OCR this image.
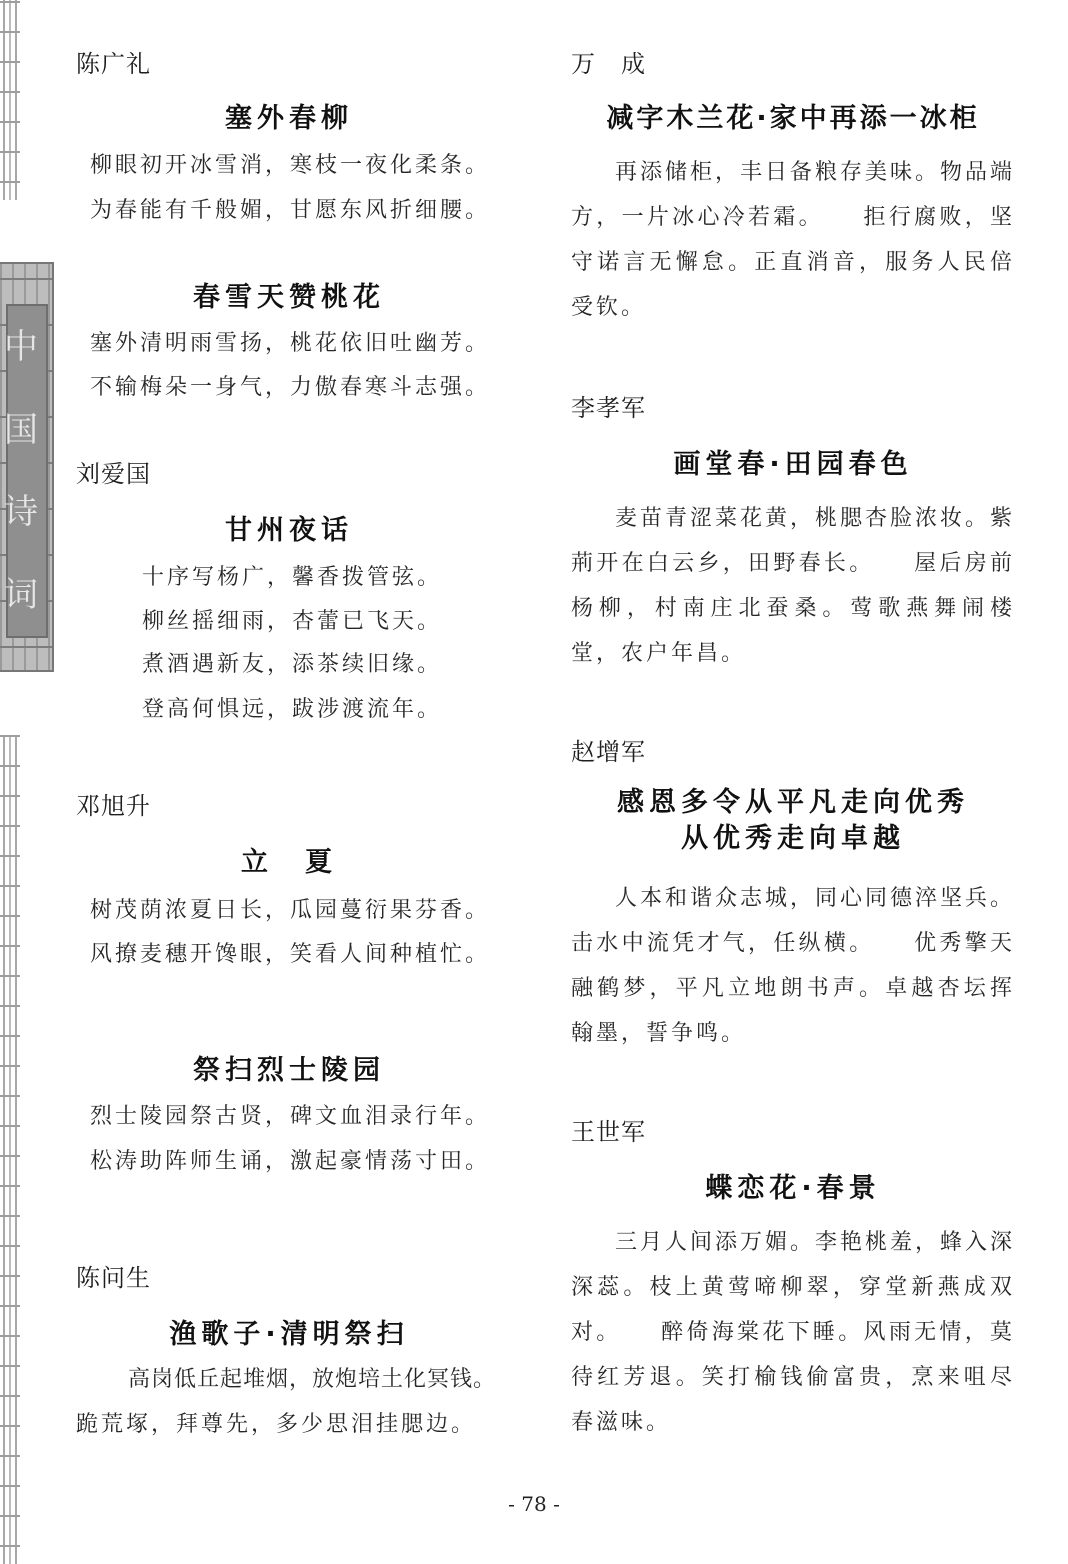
中
国
诗
词

陈广礼

塞外春柳

柳眼初开冰雪消，寒枝一夜化柔条。

为春能有千般媚，甘愿东风折细腰。

春雪天赞桃花

塞外清明雨雪扬，桃花依旧吐幽芳。

不输梅朵一身气，力傲春寒斗志强。

刘爱国

甘州夜话

十序写杨广，馨香拨管弦。

柳丝摇细雨，杏蕾已飞天。

煮酒遇新友，添茶续旧缘。

登高何惧远，跋涉渡流年。

邓旭升

立　夏

树茂荫浓夏日长，瓜园蔓衍果芬香。

风撩麦穗开馋眼，笑看人间种植忙。

祭扫烈士陵园

烈士陵园祭古贤，碑文血泪录行年。

松涛助阵师生诵，激起豪情荡寸田。

陈问生

渔歌子·清明祭扫

高岗低丘起堆烟，放炮培土化冥钱。

跪荒塚，拜尊先，多少思泪挂腮边。

万　成

减字木兰花·家中再添一冰柜

再添储柜，丰日备粮存美味。物品端方，一片冰心冷若霜。　　拒行腐败，坚守诺言无懈怠。正直消音，服务人民倍受钦。

李孝军

画堂春·田园春色

麦苗青涩菜花黄，桃腮杏脸浓妆。紫荊开在白云乡，田野春长。　　屋后房前杨柳，村南庄北蚕桑。莺歌燕舞闹楼堂，农户年昌。

赵增军

感恩多令从平凡走向优秀　从优秀走向卓越

人本和谐众志城，同心同德淬坚兵。击水中流凭才气，任纵横。　　优秀擎天融鹤梦，平凡立地朗书声。卓越杏坛挥翰墨，誓争鸣。

王世军

蝶恋花·春景

三月人间添万媚。李艳桃羞，蜂入深深蕊。枝上黄莺啼柳翠，穿堂新燕成双对。　　醉倚海棠花下睡。风雨无情，莫待红芳退。笑打榆钱偷富贵，烹来咀尽春滋味。

- 78 -
